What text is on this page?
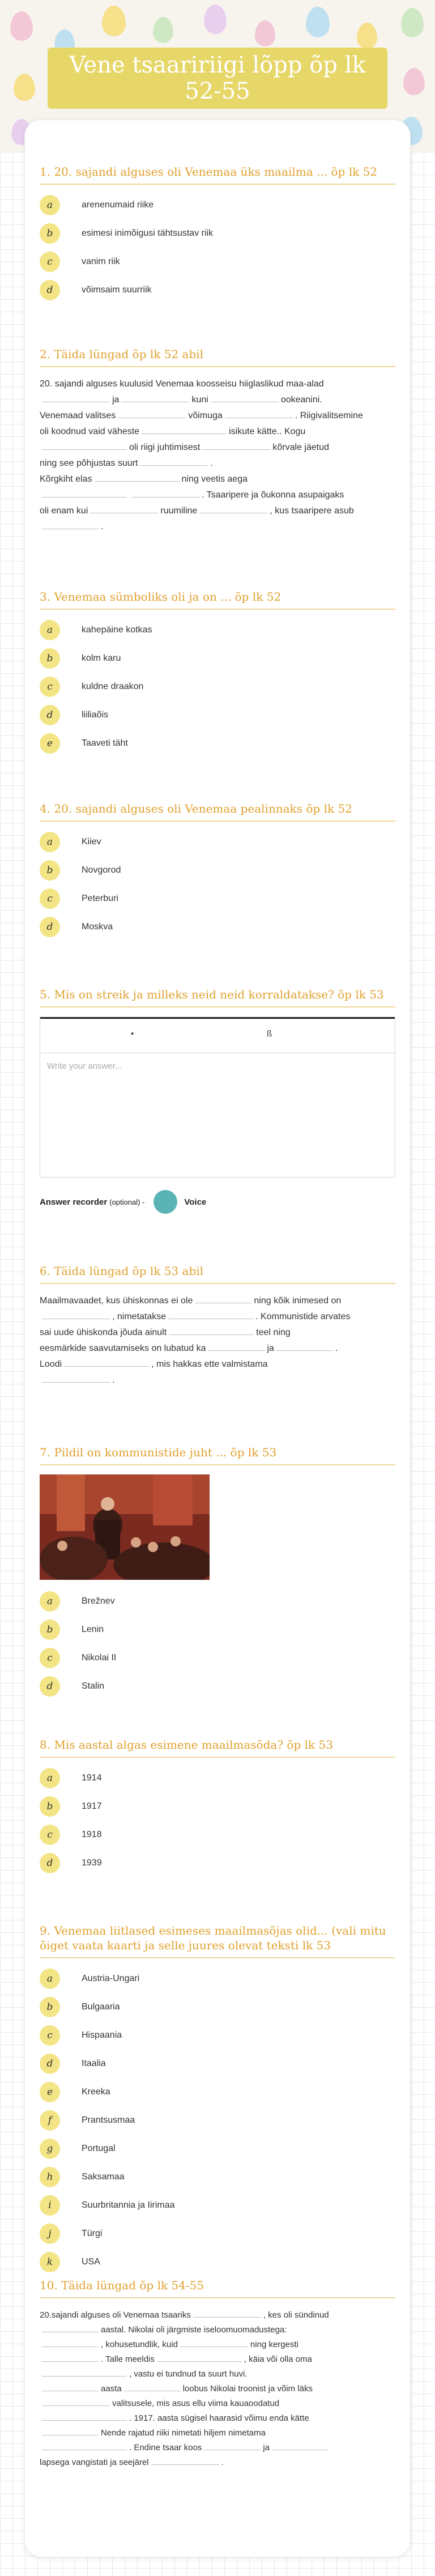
Vene tsaaririigi lõpp õp lk 52-55
1. 20. sajandi alguses oli Venemaa üks maailma ... õp lk 52
a	arenenumaid riike
b	esimesi inimõigusi tähtsustav riik
c	vanim riik
d	võimsaim suurriik
2. Täida lüngad õp lk 52 abil
20. sajandi alguses kuulusid Venemaa koosseisu hiiglaslikud maa-alad
ja	kuni	ookeanini.
Venemaad valitses	võimuga	. Riigivalitsemine
oli koodnud vaid väheste	isikute kätte.. Kogu
oli riigi juhtimisest	kõrvale jäetud
ning see põhjustas suurt	.
Kõrgkiht elas	ning veetis aega
. Tsaaripere ja õukonna asupaigaks
oli enam kui	ruumiline	, kus tsaaripere asub
.
3. Venemaa sümboliks oli ja on ... õp lk 52
a	kahepäine kotkas
b	kolm karu
c	kuldne draakon
d	liiliaõis
e	Taaveti täht
4. 20. sajandi alguses oli Venemaa pealinnaks õp lk 52
a	Kiiev
b	Novgorod
c	Peterburi
d	Moskva
5. Mis on streik ja milleks neid neid korraldatakse? õp lk 53
•	ß
Write your answer...
Answer recorder (optional) -	Voice
6. Täida lüngad õp lk 53 abil
Maailmavaadet, kus ühiskonnas ei ole	ning kõik inimesed on
, nimetatakse	. Kommunistide arvates
sai uude ühiskonda jõuda ainult	teel ning
eesmärkide saavutamiseks on lubatud ka	ja	.
Loodi	, mis hakkas ette valmistama
.
7. Pildil on kommunistide juht ... õp lk 53
a	Brežnev
b	Lenin
c	Nikolai II
d	Stalin
8. Mis aastal algas esimene maailmasõda? õp lk 53
a	1914
b	1917
c	1918
d	1939
9. Venemaa liitlased esimeses maailmasõjas olid... (vali mitu õiget vaata kaarti ja selle juures olevat teksti lk 53
a	Austria-Ungari
b	Bulgaaria
c	Hispaania
d	Itaalia
e	Kreeka
f	Prantsusmaa
g	Portugal
h	Saksamaa
i	Suurbritannia ja Iirimaa
j	Türgi
k	USA
10. Täida lüngad õp lk 54-55
20.sajandi alguses oli Venemaa tsaariks	, kes oli sündinud
aastal. Nikolai oli järgmiste iseloomuomadustega:
, kohusetundlik, kuid	ning kergesti
. Talle meeldis	, käia või olla oma
, vastu ei tundnud ta suurt huvi.
aasta	loobus Nikolai troonist ja võim läks
valitsusele, mis asus ellu viima kauaoodatud
. 1917. aasta sügisel haarasid võimu enda kätte
Nende rajatud riiki nimetati hiljem nimetama
. Endine tsaar koos	ja
lapsega vangistati ja seejärel	.
